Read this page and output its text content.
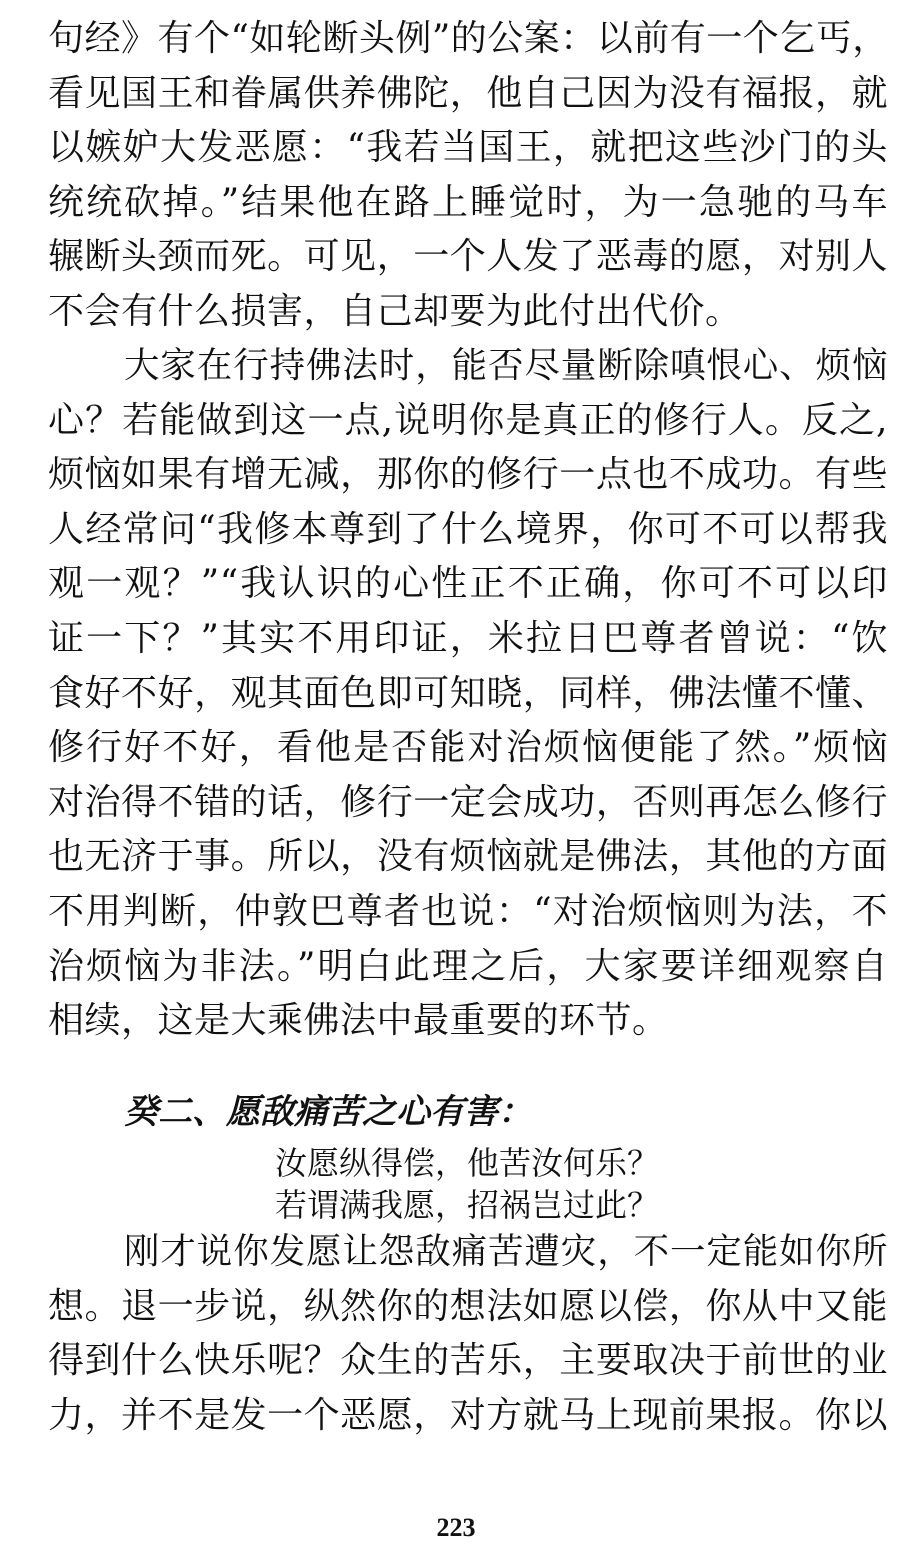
句经》有个“如轮断头例”的公案：以前有一个乞丐，
看见国王和眷属供养佛陀，他自己因为没有福报，就
以嫉妒大发恶愿：“我若当国王，就把这些沙门的头
统统砍掉。”结果他在路上睡觉时，为一急驰的马车
辗断头颈而死。可见，一个人发了恶毒的愿，对别人
不会有什么损害，自己却要为此付出代价。
大家在行持佛法时，能否尽量断除嗔恨心、烦恼
心？若能做到这一点,说明你是真正的修行人。反之,
烦恼如果有增无减，那你的修行一点也不成功。有些
人经常问“我修本尊到了什么境界，你可不可以帮我
观一观？”“我认识的心性正不正确，你可不可以印
证一下？”其实不用印证，米拉日巴尊者曾说：“饮
食好不好，观其面色即可知晓，同样，佛法懂不懂、
修行好不好，看他是否能对治烦恼便能了然。”烦恼
对治得不错的话，修行一定会成功，否则再怎么修行
也无济于事。所以，没有烦恼就是佛法，其他的方面
不用判断，仲敦巴尊者也说：“对治烦恼则为法，不
治烦恼为非法。”明白此理之后，大家要详细观察自
相续，这是大乘佛法中最重要的环节。
癸二、愿敌痛苦之心有害：
汝愿纵得偿，他苦汝何乐？
若谓满我愿，招祸岂过此？
刚才说你发愿让怨敌痛苦遭灾，不一定能如你所
想。退一步说，纵然你的想法如愿以偿，你从中又能
得到什么快乐呢？众生的苦乐，主要取决于前世的业
力，并不是发一个恶愿，对方就马上现前果报。你以
223
